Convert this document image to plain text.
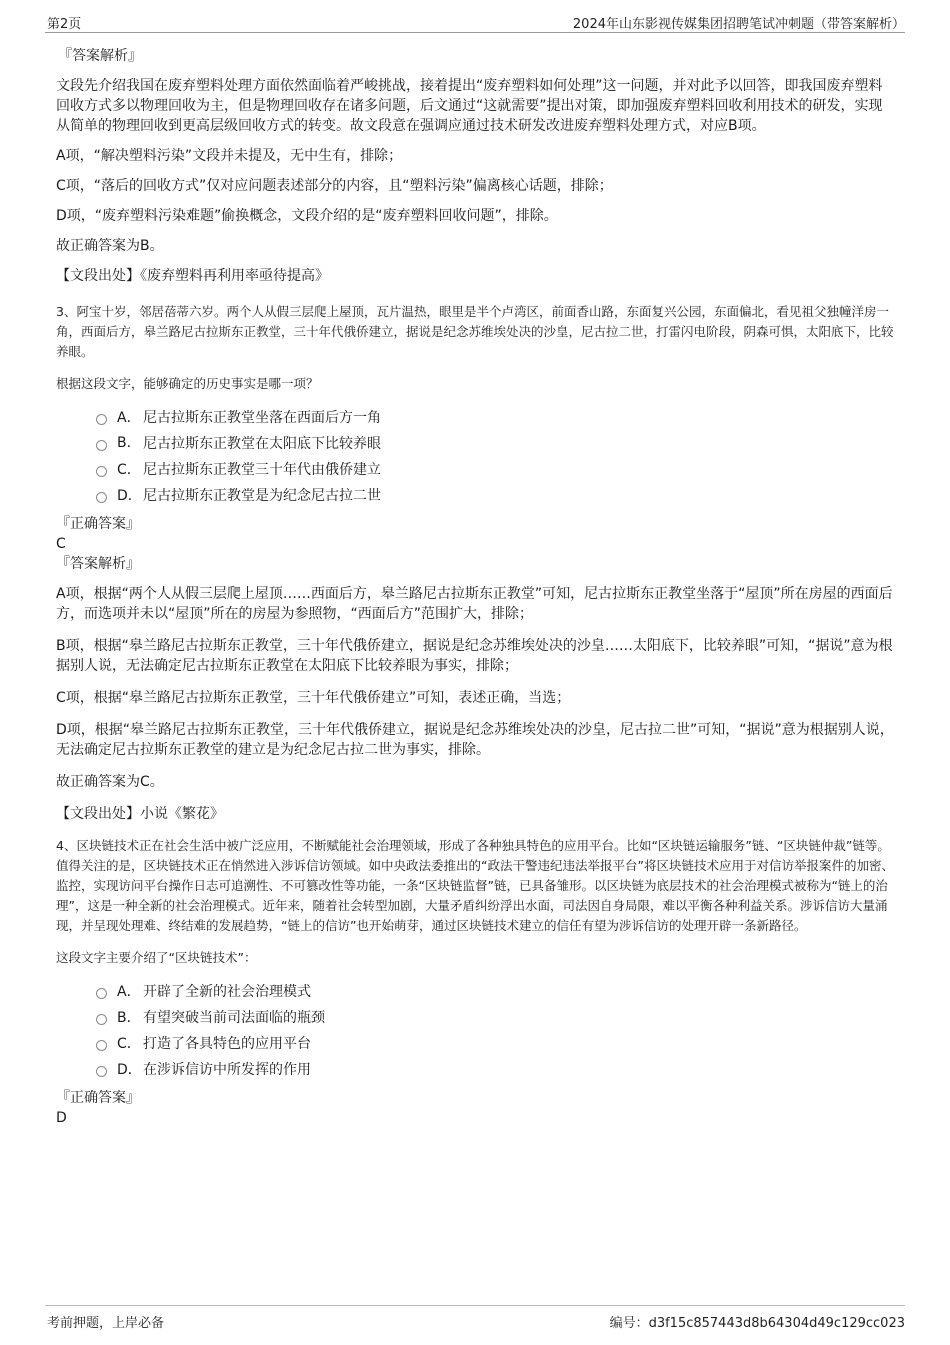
第2页	2024年山东影视传媒集团招聘笔试冲刺题（带答案解析）

『答案解析』

文段先介绍我国在废弃塑料处理方面依然面临着严峻挑战，接着提出“废弃塑料如何处理”这一问题，并对此予以回答，即我国废弃塑料回收方式多以物理回收为主，但是物理回收存在诸多问题，后文通过“这就需要”提出对策，即加强废弃塑料回收利用技术的研发，实现从简单的物理回收到更高层级回收方式的转变。故文段意在强调应通过技术研发改进废弃塑料处理方式，对应B项。

A项，“解决塑料污染”文段并未提及，无中生有，排除；

C项，“落后的回收方式”仅对应问题表述部分的内容，且“塑料污染”偏离核心话题，排除；

D项，“废弃塑料污染难题”偷换概念，文段介绍的是“废弃塑料回收问题”，排除。

故正确答案为B。

【文段出处】《废弃塑料再利用率亟待提高》

3、阿宝十岁，邻居蓓蒂六岁。两个人从假三层爬上屋顶，瓦片温热，眼里是半个卢湾区，前面香山路，东面复兴公园，东面偏北，看见祖父独幢洋房一角，西面后方，皋兰路尼古拉斯东正教堂，三十年代俄侨建立，据说是纪念苏维埃处决的沙皇，尼古拉二世，打雷闪电阶段，阴森可惧，太阳底下，比较养眼。

根据这段文字，能够确定的历史事实是哪一项？

A． 尼古拉斯东正教堂坐落在西面后方一角
B. 尼古拉斯东正教堂在太阳底下比较养眼
C． 尼古拉斯东正教堂三十年代由俄侨建立
D． 尼古拉斯东正教堂是为纪念尼古拉二世

『正确答案』

C

『答案解析』

A项，根据“两个人从假三层爬上屋顶……西面后方，皋兰路尼古拉斯东正教堂”可知，尼古拉斯东正教堂坐落于“屋顶”所在房屋的西面后方，而选项并未以“屋顶”所在的房屋为参照物，“西面后方”范围扩大，排除；

B项，根据“皋兰路尼古拉斯东正教堂，三十年代俄侨建立，据说是纪念苏维埃处决的沙皇……太阳底下，比较养眼”可知，“据说”意为根据别人说，无法确定尼古拉斯东正教堂在太阳底下比较养眼为事实，排除；

C项，根据“皋兰路尼古拉斯东正教堂，三十年代俄侨建立”可知，表述正确，当选；

D项，根据“皋兰路尼古拉斯东正教堂，三十年代俄侨建立，据说是纪念苏维埃处决的沙皇，尼古拉二世”可知，“据说”意为根据别人说，无法确定尼古拉斯东正教堂的建立是为纪念尼古拉二世为事实，排除。

故正确答案为C。

【文段出处】小说《繁花》

4、区块链技术正在社会生活中被广泛应用，不断赋能社会治理领域，形成了各种独具特色的应用平台。比如“区块链运输服务”链、“区块链仲裁”链等。值得关注的是，区块链技术正在悄然进入涉诉信访领域。如中央政法委推出的“政法干警违纪违法举报平台”将区块链技术应用于对信访举报案件的加密、监控，实现访问平台操作日志可追溯性、不可篡改性等功能，一条“区块链监督”链，已具备雏形。以区块链为底层技术的社会治理模式被称为“链上的治理”，这是一种全新的社会治理模式。近年来，随着社会转型加剧，大量矛盾纠纷浮出水面，司法因自身局限，难以平衡各种利益关系。涉诉信访大量涌现，并呈现处理难、终结难的发展趋势，“链上的信访”也开始萌芽，通过区块链技术建立的信任有望为涉诉信访的处理开辟一条新路径。

这段文字主要介绍了“区块链技术”：

A． 开辟了全新的社会治理模式
B． 有望突破当前司法面临的瓶颈
C． 打造了各具特色的应用平台
D． 在涉诉信访中所发挥的作用

『正确答案』

D

考前押题，上岸必备	编号：d3f15c857443d8b64304d49c129cc023
